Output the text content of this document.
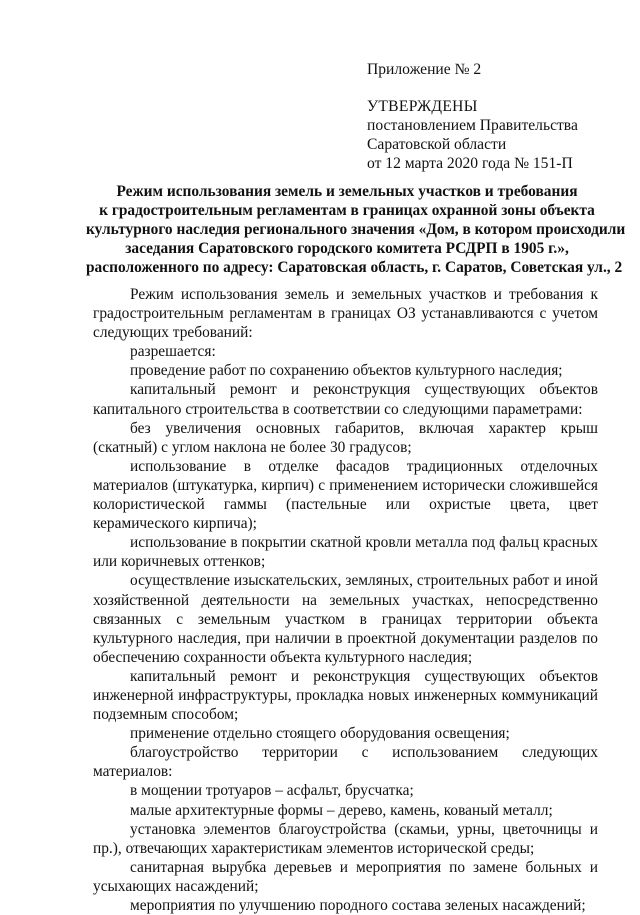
Приложение № 2
УТВЕРЖДЕНЫ
постановлением Правительства
Саратовской области
от 12 марта 2020 года № 151-П
Режим использования земель и земельных участков и требования
к градостроительным регламентам в границах охранной зоны объекта
культурного наследия регионального значения «Дом, в котором происходили
заседания Саратовского городского комитета РСДРП в 1905 г.»,
расположенного по адресу: Саратовская область, г. Саратов, Советская ул., 2

Режим использования земель и земельных участков и требования к градостроительным регламентам в границах ОЗ устанавливаются с учетом следующих требований:

разрешается:

проведение работ по сохранению объектов культурного наследия;

капитальный ремонт и реконструкция существующих объектов капитального строительства в соответствии со следующими параметрами:

без увеличения основных габаритов, включая характер крыш (скатный) с углом наклона не более 30 градусов;

использование в отделке фасадов традиционных отделочных материалов (штукатурка, кирпич) с применением исторически сложившейся колористической гаммы (пастельные или охристые цвета, цвет керамического кирпича);

использование в покрытии скатной кровли металла под фальц красных или коричневых оттенков;

осуществление изыскательских, земляных, строительных работ и иной хозяйственной деятельности на земельных участках, непосредственно связанных с земельным участком в границах территории объекта культурного наследия, при наличии в проектной документации разделов по обеспечению сохранности объекта культурного наследия;

капитальный ремонт и реконструкция существующих объектов инженерной инфраструктуры, прокладка новых инженерных коммуникаций подземным способом;

применение отдельно стоящего оборудования освещения;

благоустройство территории с использованием следующих материалов:

в мощении тротуаров – асфальт, брусчатка;

малые архитектурные формы – дерево, камень, кованый металл;

установка элементов благоустройства (скамьи, урны, цветочницы и пр.), отвечающих характеристикам элементов исторической среды;

санитарная вырубка деревьев и мероприятия по замене больных и усыхающих насаждений;

мероприятия по улучшению породного состава зеленых насаждений;
